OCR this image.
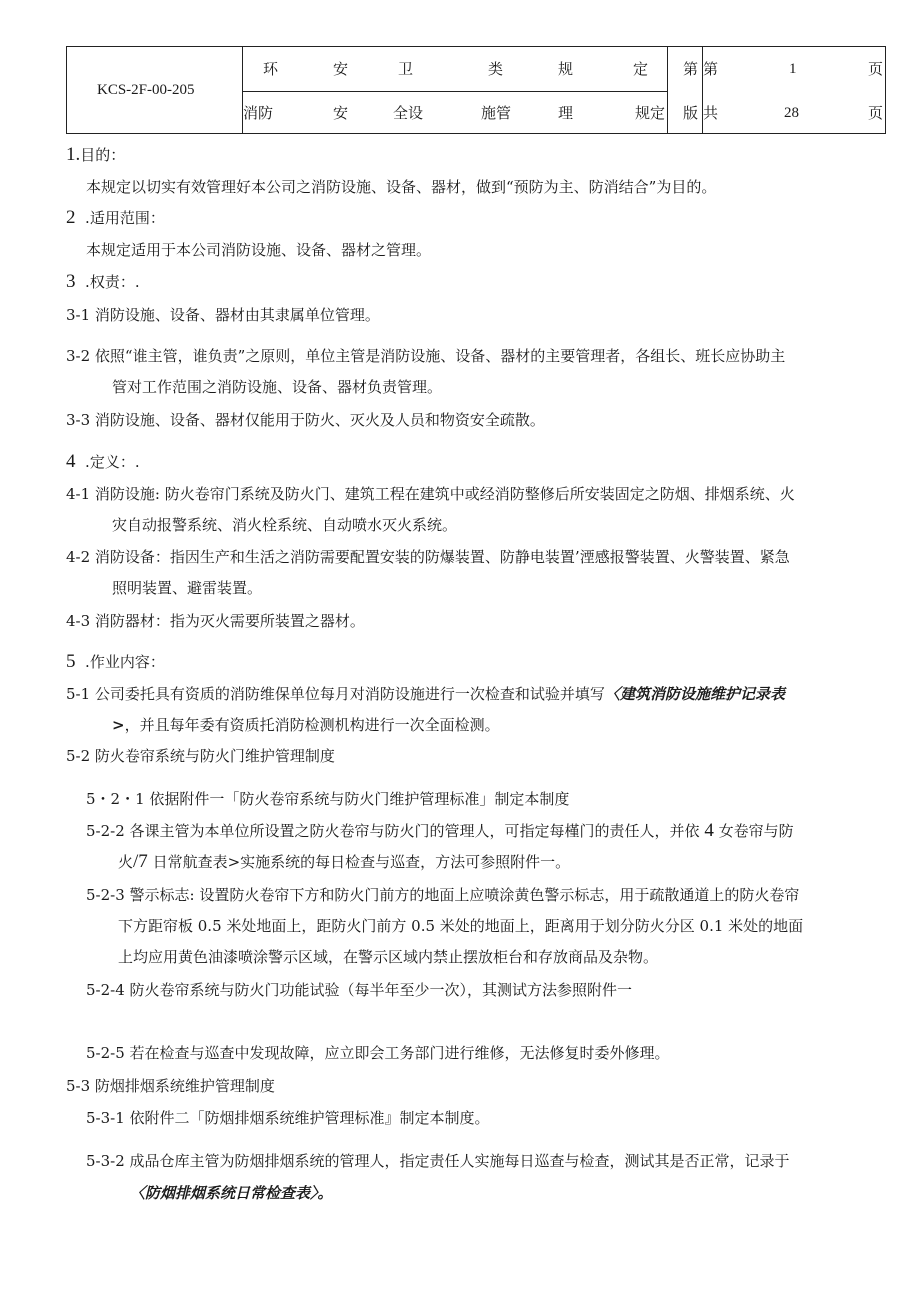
KCS-2F-00-205
环	安	卫	类	规	定
消防	安	全设	施管	理	规定
第
版
第	1	页
共	28	页
1.目的：
本规定以切实有效管理好本公司之消防设施、设备、器材，做到“预防为主、防消结合”为目的。
2 .适用范围：
本规定适用于本公司消防设施、设备、器材之管理。
3 .权责：.
3-1 消防设施、设备、器材由其隶属单位管理。
3-2 依照“谁主管，谁负责”之原则，单位主管是消防设施、设备、器材的主要管理者，各组长、班长应协助主
管对工作范围之消防设施、设备、器材负责管理。
3-3 消防设施、设备、器材仅能用于防火、灭火及人员和物资安全疏散。
4 .定义：.
4-1 消防设施: 防火卷帘门系统及防火门、建筑工程在建筑中或经消防整修后所安装固定之防烟、排烟系统、火
灾自动报警系统、消火栓系统、自动喷水灭火系统。
4-2 消防设备：指因生产和生活之消防需要配置安装的防爆装置、防静电装置’湮感报警装置、火警装置、紧急
照明装置、避雷装置。
4-3 消防器材：指为灭火需要所装置之器材。
5 .作业内容：
5-1 公司委托具有资质的消防维保单位每月对消防设施进行一次检查和试验并填写〈建筑消防设施维护记录表
>，并且每年委有资质托消防检测机构进行一次全面检测。
5-2 防火卷帘系统与防火门维护管理制度
5・2・1 依据附件一「防火卷帘系统与防火门维护管理标准」制定本制度
5-2-2 各课主管为本单位所设置之防火卷帘与防火门的管理人，可指定每槿门的责任人，并依 4 女卷帘与防
火/7 日常航查表>实施系统的每日检查与巡查，方法可参照附件一。
5-2-3 警示标志: 设置防火卷帘下方和防火门前方的地面上应喷涂黄色警示标志，用于疏散通道上的防火卷帘
下方距帘板 0.5 米处地面上，距防火门前方 0.5 米处的地面上，距离用于划分防火分区 0.1 米处的地面
上均应用黄色油漆喷涂警示区域，在警示区域内禁止摆放柜台和存放商品及杂物。
5-2-4 防火卷帘系统与防火门功能试验（每半年至少一次），其测试方法参照附件一
5-2-5 若在检查与巡查中发现故障，应立即会工务部门进行维修，无法修复时委外修理。
5-3 防烟排烟系统维护管理制度
5-3-1 依附件二「防烟排烟系统维护管理标准』制定本制度。
5-3-2 成品仓库主管为防烟排烟系统的管理人，指定责任人实施每日巡查与检查，测试其是否正常，记录于
〈防烟排烟系统日常检查表〉。
